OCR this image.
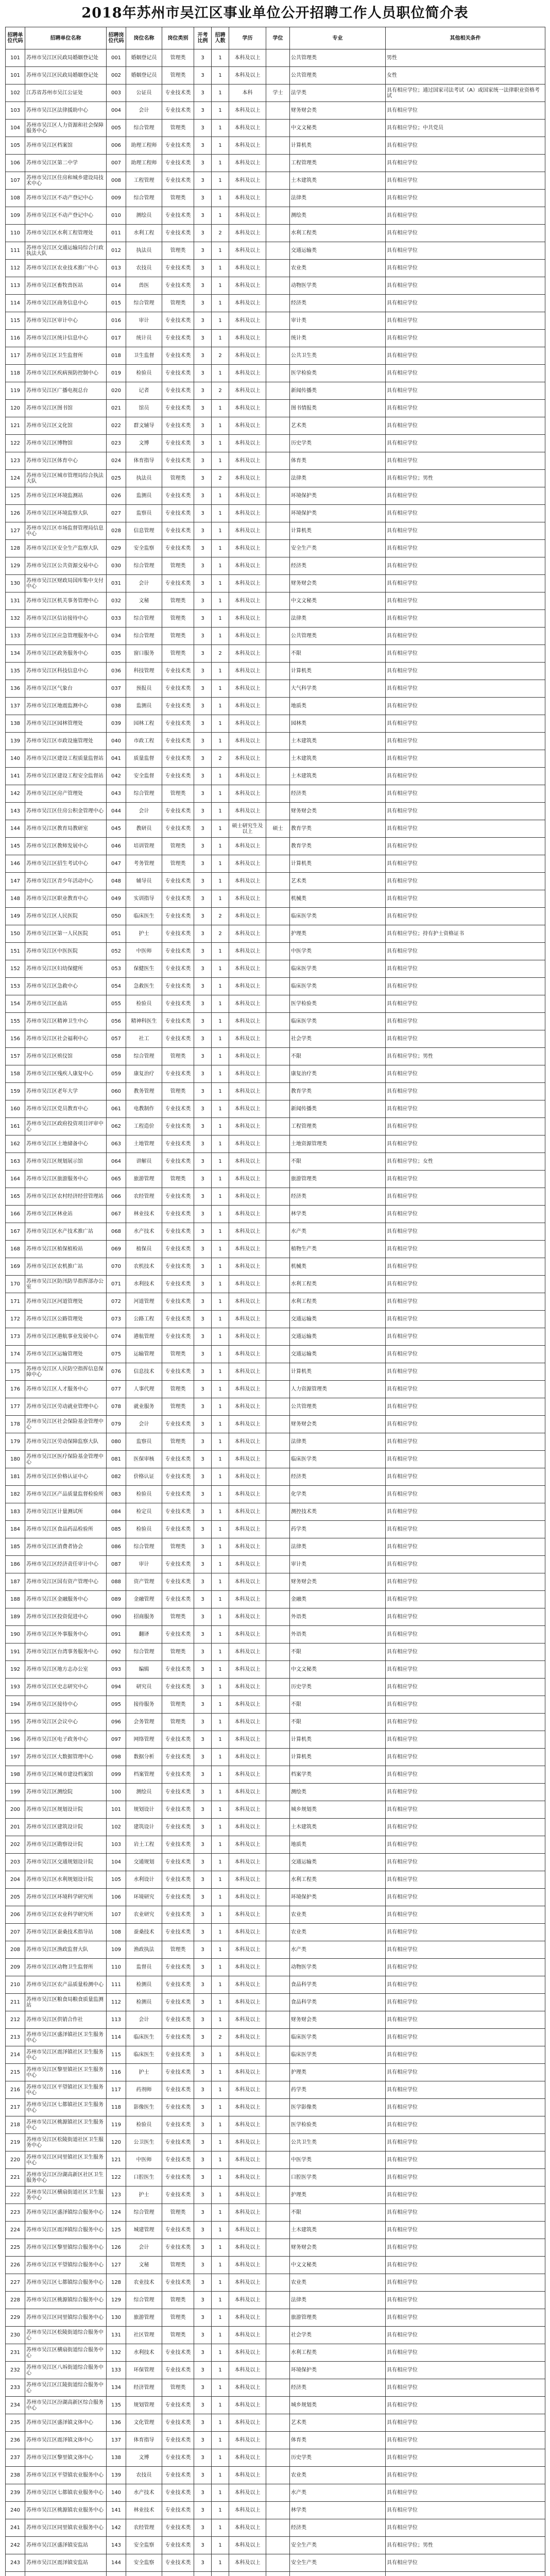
2018年苏州市吴江区事业单位公开招聘工作人员职位简介表
招聘单位代码	招聘单位名称	招聘岗位代码	岗位名称	岗位类别	开考比例	招聘人数	学历	学位	专业	其他相关条件
101	苏州市吴江区民政局婚姻登记处	001	婚姻登记员	管理类	3	1	本科及以上		公共管理类	男性
101	苏州市吴江区民政局婚姻登记处	002	婚姻登记员	管理类	3	1	本科及以上		公共管理类	女性
102	江苏省苏州市吴江公证处	003	公证员	专业技术类	3	1	本科	学士	法学类	具有相应学位；通过国家司法考试（A）或国家统一法律职业资格考试
103	苏州市吴江区法律援助中心	004	会计	专业技术类	3	1	本科及以上		财务财会类	具有相应学位
104	苏州市吴江区人力资源和社会保障服务中心	005	综合管理	管理类	3	1	本科及以上		中文文秘类	具有相应学位；中共党员
105	苏州市吴江区档案馆	006	助理工程师	专业技术类	3	1	本科及以上		计算机类	具有相应学位
106	苏州市吴江区第二中学	007	助理工程师	专业技术类	3	1	本科及以上		工程管理类	具有相应学位
107	苏州市吴江区住房和城乡建设局技术中心	008	工程管理	专业技术类	3	1	本科及以上		土木建筑类	具有相应学位
108	苏州市吴江区不动产登记中心	009	综合管理	管理类	3	1	本科及以上		法律类	具有相应学位
109	苏州市吴江区不动产登记中心	010	测绘员	专业技术类	3	1	本科及以上		测绘类	具有相应学位
110	苏州市吴江区水利工程管理处	011	水利工程	专业技术类	3	2	本科及以上		水利工程类	具有相应学位
111	苏州市吴江区交通运输局综合行政执法大队	012	执法员	管理类	3	1	本科及以上		交通运输类	具有相应学位
112	苏州市吴江区农业技术推广中心	013	农技员	专业技术类	3	1	本科及以上		农业类	具有相应学位
113	苏州市吴江区畜牧兽医站	014	兽医	专业技术类	3	1	本科及以上		动物医学类	具有相应学位
114	苏州市吴江区商务信息中心	015	综合管理	管理类	3	1	本科及以上		经济类	具有相应学位
115	苏州市吴江区审计中心	016	审计	专业技术类	3	1	本科及以上		审计类	具有相应学位
116	苏州市吴江区统计信息中心	017	统计员	专业技术类	3	1	本科及以上		统计类	具有相应学位
117	苏州市吴江区卫生监督所	018	卫生监督	专业技术类	3	2	本科及以上		公共卫生类	具有相应学位
118	苏州市吴江区疾病预防控制中心	019	检验员	专业技术类	3	1	本科及以上		医学检验类	具有相应学位
119	苏州市吴江区广播电视总台	020	记者	专业技术类	3	2	本科及以上		新闻传播类	具有相应学位
120	苏州市吴江区图书馆	021	馆员	专业技术类	3	1	本科及以上		图书情报类	具有相应学位
121	苏州市吴江区文化馆	022	群文辅导	专业技术类	3	1	本科及以上		艺术类	具有相应学位
122	苏州市吴江区博物馆	023	文博	专业技术类	3	1	本科及以上		历史学类	具有相应学位
123	苏州市吴江区体育中心	024	体育指导	专业技术类	3	1	本科及以上		体育类	具有相应学位
124	苏州市吴江区城市管理局综合执法大队	025	执法员	管理类	3	2	本科及以上		法律类	具有相应学位；男性
125	苏州市吴江区环境监测站	026	监测员	专业技术类	3	1	本科及以上		环境保护类	具有相应学位
126	苏州市吴江区环境监察大队	027	监察员	专业技术类	3	1	本科及以上		环境保护类	具有相应学位
127	苏州市吴江区市场监督管理局信息中心	028	信息管理	专业技术类	3	1	本科及以上		计算机类	具有相应学位
128	苏州市吴江区安全生产监察大队	029	安全监察	专业技术类	3	1	本科及以上		安全生产类	具有相应学位
129	苏州市吴江区公共资源交易中心	030	综合管理	管理类	3	1	本科及以上		经济类	具有相应学位
130	苏州市吴江区财政局国库集中支付中心	031	会计	专业技术类	3	1	本科及以上		财务财会类	具有相应学位
131	苏州市吴江区机关事务管理中心	032	文秘	管理类	3	1	本科及以上		中文文秘类	具有相应学位
132	苏州市吴江区信访接待中心	033	综合管理	管理类	3	1	本科及以上		法律类	具有相应学位
133	苏州市吴江区应急管理服务中心	034	综合管理	管理类	3	1	本科及以上		公共管理类	具有相应学位
134	苏州市吴江区政务服务中心	035	窗口服务	管理类	3	2	本科及以上		不限	具有相应学位
135	苏州市吴江区科技信息中心	036	科技管理	专业技术类	3	1	本科及以上		计算机类	具有相应学位
136	苏州市吴江区气象台	037	预报员	专业技术类	3	1	本科及以上		大气科学类	具有相应学位
137	苏州市吴江区地震监测中心	038	监测员	专业技术类	3	1	本科及以上		地质类	具有相应学位
138	苏州市吴江区园林管理处	039	园林工程	专业技术类	3	1	本科及以上		园林类	具有相应学位
139	苏州市吴江区市政设施管理处	040	市政工程	专业技术类	3	1	本科及以上		土木建筑类	具有相应学位
140	苏州市吴江区建设工程质量监督站	041	质量监督	专业技术类	3	2	本科及以上		土木建筑类	具有相应学位
141	苏州市吴江区建设工程安全监督站	042	安全监督	专业技术类	3	1	本科及以上		土木建筑类	具有相应学位
142	苏州市吴江区房产管理处	043	综合管理	管理类	3	1	本科及以上		经济类	具有相应学位
143	苏州市吴江区住房公积金管理中心	044	会计	专业技术类	3	1	本科及以上		财务财会类	具有相应学位
144	苏州市吴江区教育局教研室	045	教研员	专业技术类	3	1	硕士研究生及以上	硕士	教育学类	具有相应学位
145	苏州市吴江区教师发展中心	046	培训管理	管理类	3	1	本科及以上		教育学类	具有相应学位
146	苏州市吴江区招生考试中心	047	考务管理	管理类	3	1	本科及以上		计算机类	具有相应学位
147	苏州市吴江区青少年活动中心	048	辅导员	专业技术类	3	1	本科及以上		艺术类	具有相应学位
148	苏州市吴江区职业教育中心	049	实训指导	专业技术类	3	1	本科及以上		机械类	具有相应学位
149	苏州市吴江区人民医院	050	临床医生	专业技术类	3	2	本科及以上		临床医学类	具有相应学位
150	苏州市吴江区第一人民医院	051	护士	专业技术类	3	2	本科及以上		护理类	具有相应学位；持有护士资格证书
151	苏州市吴江区中医医院	052	中医师	专业技术类	3	1	本科及以上		中医学类	具有相应学位
152	苏州市吴江区妇幼保健所	053	保健医生	专业技术类	3	1	本科及以上		临床医学类	具有相应学位
153	苏州市吴江区急救中心	054	急救医生	专业技术类	3	1	本科及以上		临床医学类	具有相应学位
154	苏州市吴江区血站	055	检验员	专业技术类	3	1	本科及以上		医学检验类	具有相应学位
155	苏州市吴江区精神卫生中心	056	精神科医生	专业技术类	3	1	本科及以上		临床医学类	具有相应学位
156	苏州市吴江区社会福利中心	057	社工	专业技术类	3	1	本科及以上		社会学类	具有相应学位
157	苏州市吴江区殡仪馆	058	综合管理	管理类	3	1	本科及以上		不限	具有相应学位；男性
158	苏州市吴江区残疾人康复中心	059	康复治疗	专业技术类	3	1	本科及以上		康复治疗类	具有相应学位
159	苏州市吴江区老年大学	060	教务管理	管理类	3	1	本科及以上		教育学类	具有相应学位
160	苏州市吴江区党员教育中心	061	电教制作	专业技术类	3	1	本科及以上		新闻传播类	具有相应学位
161	苏州市吴江区政府投资项目评审中心	062	工程造价	专业技术类	3	1	本科及以上		工程管理类	具有相应学位
162	苏州市吴江区土地储备中心	063	土地管理	专业技术类	3	1	本科及以上		土地资源管理类	具有相应学位
163	苏州市吴江区规划展示馆	064	讲解员	专业技术类	3	1	本科及以上		不限	具有相应学位；女性
164	苏州市吴江区旅游服务中心	065	旅游管理	管理类	3	1	本科及以上		旅游管理类	具有相应学位
165	苏州市吴江区农村经济经营管理站	066	农经管理	专业技术类	3	1	本科及以上		经济类	具有相应学位
166	苏州市吴江区林业站	067	林业技术	专业技术类	3	1	本科及以上		林学类	具有相应学位
167	苏州市吴江区水产技术推广站	068	水产技术	专业技术类	3	1	本科及以上		水产类	具有相应学位
168	苏州市吴江区植保植检站	069	植保员	专业技术类	3	1	本科及以上		植物生产类	具有相应学位
169	苏州市吴江区农机推广站	070	农机技术	专业技术类	3	1	本科及以上		机械类	具有相应学位
170	苏州市吴江区防汛防旱指挥部办公室	071	水利技术	专业技术类	3	1	本科及以上		水利工程类	具有相应学位
171	苏州市吴江区河道管理处	072	河道管理	专业技术类	3	1	本科及以上		水利工程类	具有相应学位
172	苏州市吴江区公路管理处	073	公路工程	专业技术类	3	1	本科及以上		交通运输类	具有相应学位
173	苏州市吴江区港航事业发展中心	074	港航管理	专业技术类	3	1	本科及以上		交通运输类	具有相应学位
174	苏州市吴江区运输管理处	075	运输管理	管理类	3	1	本科及以上		交通运输类	具有相应学位
175	苏州市吴江区人民防空指挥信息保障中心	076	信息技术	专业技术类	3	1	本科及以上		计算机类	具有相应学位
176	苏州市吴江区人才服务中心	077	人事代理	管理类	3	1	本科及以上		人力资源管理类	具有相应学位
177	苏州市吴江区劳动就业管理中心	078	就业服务	管理类	3	1	本科及以上		公共管理类	具有相应学位
178	苏州市吴江区社会保险基金管理中心	079	会计	专业技术类	3	1	本科及以上		财务财会类	具有相应学位
179	苏州市吴江区劳动保障监察大队	080	监察员	管理类	3	1	本科及以上		法律类	具有相应学位
180	苏州市吴江区医疗保险基金管理中心	081	医保审核	专业技术类	3	1	本科及以上		临床医学类	具有相应学位
181	苏州市吴江区价格认证中心	082	价格认证	专业技术类	3	1	本科及以上		经济类	具有相应学位
182	苏州市吴江区产品质量监督检验所	083	检验员	专业技术类	3	1	本科及以上		化学类	具有相应学位
183	苏州市吴江区计量测试所	084	检定员	专业技术类	3	1	本科及以上		测控技术类	具有相应学位
184	苏州市吴江区食品药品检验所	085	检验员	专业技术类	3	1	本科及以上		药学类	具有相应学位
185	苏州市吴江区消费者协会	086	综合管理	管理类	3	1	本科及以上		法律类	具有相应学位
186	苏州市吴江区经济责任审计中心	087	审计	专业技术类	3	1	本科及以上		审计类	具有相应学位
187	苏州市吴江区国有资产管理中心	088	资产管理	专业技术类	3	1	本科及以上		财务财会类	具有相应学位
188	苏州市吴江区金融服务中心	089	金融管理	专业技术类	3	1	本科及以上		金融类	具有相应学位
189	苏州市吴江区投资促进中心	090	招商服务	管理类	3	1	本科及以上		外语类	具有相应学位
190	苏州市吴江区外事服务中心	091	翻译	专业技术类	3	1	本科及以上		外语类	具有相应学位
191	苏州市吴江区台湾事务服务中心	092	综合管理	管理类	3	1	本科及以上		不限	具有相应学位
192	苏州市吴江区地方志办公室	093	编辑	专业技术类	3	1	本科及以上		中文文秘类	具有相应学位
193	苏州市吴江区史志研究中心	094	研究员	专业技术类	3	1	本科及以上		历史学类	具有相应学位
194	苏州市吴江区接待中心	095	接待服务	管理类	3	1	本科及以上		不限	具有相应学位
195	苏州市吴江区会议中心	096	会务管理	管理类	3	1	本科及以上		不限	具有相应学位
196	苏州市吴江区电子政务中心	097	网络管理	专业技术类	3	1	本科及以上		计算机类	具有相应学位
197	苏州市吴江区大数据管理中心	098	数据分析	专业技术类	3	1	本科及以上		计算机类	具有相应学位
198	苏州市吴江区城市建设档案馆	099	档案管理	专业技术类	3	1	本科及以上		档案学类	具有相应学位
199	苏州市吴江区测绘院	100	测绘员	专业技术类	3	1	本科及以上		测绘类	具有相应学位
200	苏州市吴江区规划设计院	101	规划设计	专业技术类	3	1	本科及以上		城乡规划类	具有相应学位
201	苏州市吴江区建筑设计院	102	建筑设计	专业技术类	3	1	本科及以上		土木建筑类	具有相应学位
202	苏州市吴江区勘察设计院	103	岩土工程	专业技术类	3	1	本科及以上		地质类	具有相应学位
203	苏州市吴江区交通规划设计院	104	交通规划	专业技术类	3	1	本科及以上		交通运输类	具有相应学位
204	苏州市吴江区水利规划设计院	105	水利设计	专业技术类	3	1	本科及以上		水利工程类	具有相应学位
205	苏州市吴江区环境科学研究所	106	环境研究	专业技术类	3	1	本科及以上		环境保护类	具有相应学位
206	苏州市吴江区农业科学研究所	107	农业研究	专业技术类	3	1	本科及以上		农业类	具有相应学位
207	苏州市吴江区蚕桑技术指导站	108	蚕桑技术	专业技术类	3	1	本科及以上		农业类	具有相应学位
208	苏州市吴江区渔政监督大队	109	渔政执法	管理类	3	1	本科及以上		水产类	具有相应学位
209	苏州市吴江区动物卫生监督所	110	监督员	专业技术类	3	1	本科及以上		动物医学类	具有相应学位
210	苏州市吴江区农产品质量检测中心	111	检测员	专业技术类	3	1	本科及以上		食品科学类	具有相应学位
211	苏州市吴江区粮食局粮食质量监测站	112	检测员	专业技术类	3	1	本科及以上		食品科学类	具有相应学位
212	苏州市吴江区供销合作社	113	会计	专业技术类	3	1	本科及以上		财务财会类	具有相应学位
213	苏州市吴江区盛泽镇社区卫生服务中心	114	临床医生	专业技术类	3	2	本科及以上		临床医学类	具有相应学位
214	苏州市吴江区震泽镇社区卫生服务中心	115	临床医生	专业技术类	3	1	本科及以上		临床医学类	具有相应学位
215	苏州市吴江区黎里镇社区卫生服务中心	116	护士	专业技术类	3	1	本科及以上		护理类	具有相应学位
216	苏州市吴江区平望镇社区卫生服务中心	117	药剂师	专业技术类	3	1	本科及以上		药学类	具有相应学位
217	苏州市吴江区七都镇社区卫生服务中心	118	影像医生	专业技术类	3	1	本科及以上		医学影像类	具有相应学位
218	苏州市吴江区桃源镇社区卫生服务中心	119	检验员	专业技术类	3	1	本科及以上		医学检验类	具有相应学位
219	苏州市吴江区松陵街道社区卫生服务中心	120	公卫医生	专业技术类	3	1	本科及以上		公共卫生类	具有相应学位
220	苏州市吴江区同里镇社区卫生服务中心	121	中医师	专业技术类	3	1	本科及以上		中医学类	具有相应学位
221	苏州市吴江区汾湖高新区社区卫生服务中心	122	口腔医生	专业技术类	3	1	本科及以上		口腔医学类	具有相应学位
222	苏州市吴江区横扇街道社区卫生服务中心	123	护士	专业技术类	3	1	本科及以上		护理类	具有相应学位
223	苏州市吴江区盛泽镇综合服务中心	124	综合管理	管理类	3	1	本科及以上		不限	具有相应学位
224	苏州市吴江区震泽镇综合服务中心	125	城建管理	专业技术类	3	1	本科及以上		土木建筑类	具有相应学位
225	苏州市吴江区黎里镇综合服务中心	126	会计	专业技术类	3	1	本科及以上		财务财会类	具有相应学位
226	苏州市吴江区平望镇综合服务中心	127	文秘	管理类	3	1	本科及以上		中文文秘类	具有相应学位
227	苏州市吴江区七都镇综合服务中心	128	农业技术	专业技术类	3	1	本科及以上		农业类	具有相应学位
228	苏州市吴江区桃源镇综合服务中心	129	综合管理	管理类	3	1	本科及以上		法律类	具有相应学位
229	苏州市吴江区同里镇综合服务中心	130	旅游管理	管理类	3	1	本科及以上		旅游管理类	具有相应学位
230	苏州市吴江区松陵街道综合服务中心	131	社区管理	管理类	3	1	本科及以上		社会学类	具有相应学位
231	苏州市吴江区横扇街道综合服务中心	132	水利技术	专业技术类	3	1	本科及以上		水利工程类	具有相应学位
232	苏州市吴江区八坼街道综合服务中心	133	环保管理	专业技术类	3	1	本科及以上		环境保护类	具有相应学位
233	苏州市吴江区江陵街道综合服务中心	134	经济管理	管理类	3	1	本科及以上		经济类	具有相应学位
234	苏州市吴江区汾湖高新区综合服务中心	135	规划管理	专业技术类	3	1	本科及以上		城乡规划类	具有相应学位
235	苏州市吴江区盛泽镇文体中心	136	文化管理	专业技术类	3	1	本科及以上		艺术类	具有相应学位
236	苏州市吴江区震泽镇文体中心	137	体育指导	专业技术类	3	1	本科及以上		体育类	具有相应学位
237	苏州市吴江区黎里镇文体中心	138	文博	专业技术类	3	1	本科及以上		历史学类	具有相应学位
238	苏州市吴江区平望镇农业服务中心	139	农技员	专业技术类	3	1	本科及以上		农业类	具有相应学位
239	苏州市吴江区七都镇农业服务中心	140	水产技术	专业技术类	3	1	本科及以上		水产类	具有相应学位
240	苏州市吴江区桃源镇农业服务中心	141	林业技术	专业技术类	3	1	本科及以上		林学类	具有相应学位
241	苏州市吴江区同里镇农业服务中心	142	农经管理	专业技术类	3	1	本科及以上		经济类	具有相应学位
242	苏州市吴江区盛泽镇安监站	143	安全监察	专业技术类	3	1	本科及以上		安全生产类	具有相应学位；男性
243	苏州市吴江区震泽镇安监站	144	安全监察	专业技术类	3	1	本科及以上		安全生产类	具有相应学位
